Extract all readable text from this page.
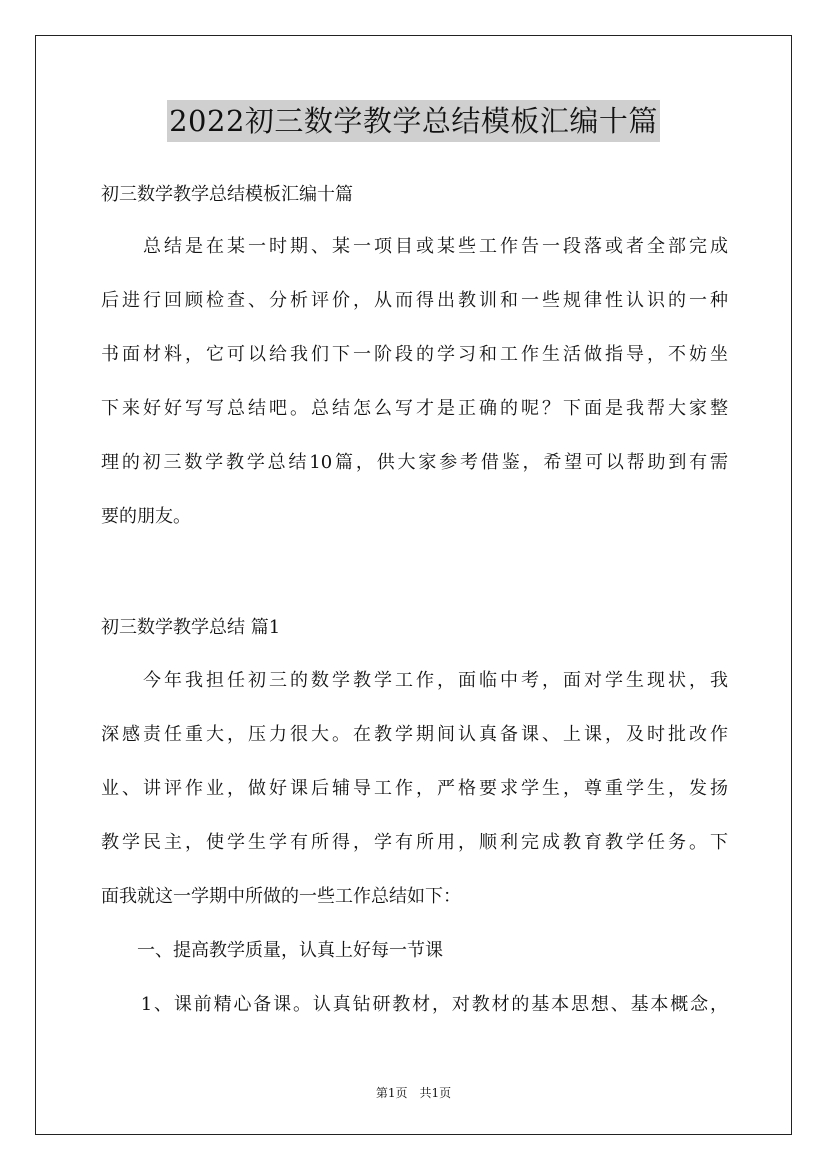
2022初三数学教学总结模板汇编十篇
初三数学教学总结模板汇编十篇
　　总结是在某一时期、某一项目或某些工作告一段落或者全部完成
后进行回顾检查、分析评价，从而得出教训和一些规律性认识的一种
书面材料，它可以给我们下一阶段的学习和工作生活做指导，不妨坐
下来好好写写总结吧。总结怎么写才是正确的呢？下面是我帮大家整
理的初三数学教学总结10篇，供大家参考借鉴，希望可以帮助到有需
要的朋友。
初三数学教学总结 篇1
　　今年我担任初三的数学教学工作，面临中考，面对学生现状，我
深感责任重大，压力很大。在教学期间认真备课、上课，及时批改作
业、讲评作业，做好课后辅导工作，严格要求学生，尊重学生，发扬
教学民主，使学生学有所得，学有所用，顺利完成教育教学任务。下
面我就这一学期中所做的一些工作总结如下：
　　一、提高教学质量，认真上好每一节课
　　1、课前精心备课。认真钻研教材，对教材的基本思想、基本概念，
第1页　共1页
